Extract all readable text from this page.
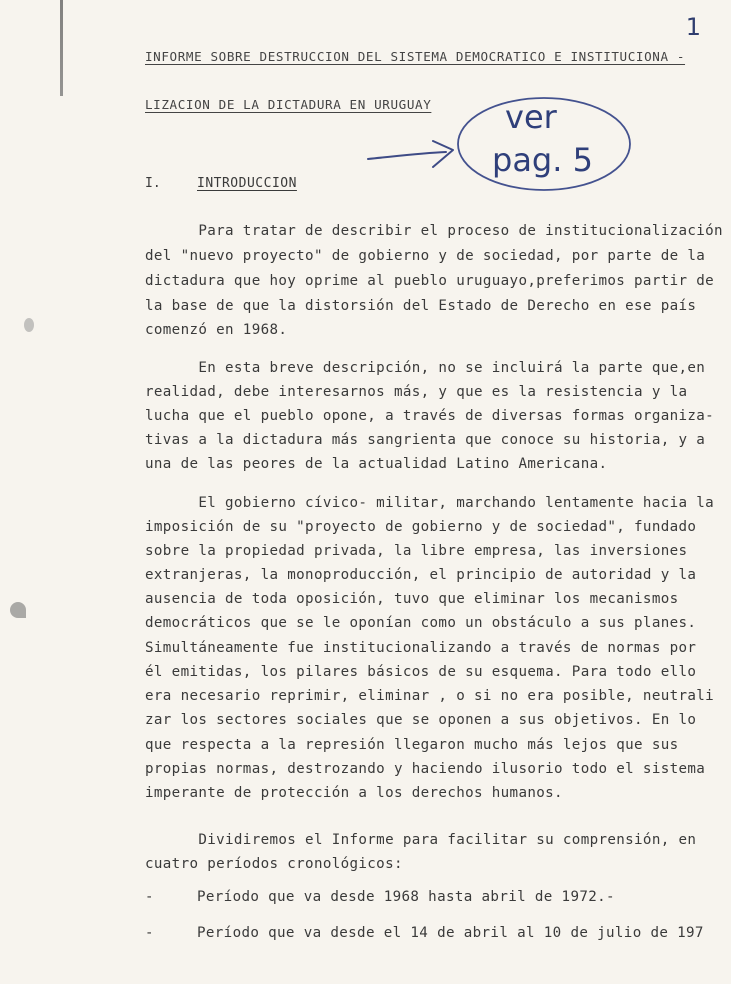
1
INFORME SOBRE DESTRUCCION DEL SISTEMA DEMOCRATICO E INSTITUCIONA -
LIZACION DE LA DICTADURA EN URUGUAY ver
pag. 5
I.	INTRODUCCION
Para tratar de describir el proceso de institucionalización
del "nuevo proyecto" de gobierno y de sociedad, por parte de la
dictadura que hoy oprime al pueblo uruguayo,preferimos partir de
la base de que la distorsión del Estado de Derecho en ese país
comenzó en 1968.
En esta breve descripción, no se incluirá la parte que,en
realidad, debe interesarnos más, y que es la resistencia y la
lucha que el pueblo opone, a través de diversas formas organiza-
tivas a la dictadura más sangrienta que conoce su historia, y a
una de las peores de la actualidad Latino Americana.
El gobierno cívico- militar, marchando lentamente hacia la
imposición de su "proyecto de gobierno y de sociedad", fundado
sobre la propiedad privada, la libre empresa, las inversiones
extranjeras, la monoproducción, el principio de autoridad y la
ausencia de toda oposición, tuvo que eliminar los mecanismos
democráticos que se le oponían como un obstáculo a sus planes.
Simultáneamente fue institucionalizando a través de normas por
él emitidas, los pilares básicos de su esquema. Para todo ello
era necesario reprimir, eliminar , o si no era posible, neutrali
zar los sectores sociales que se oponen a sus objetivos. En lo
que respecta a la represión llegaron mucho más lejos que sus
propias normas, destrozando y haciendo ilusorio todo el sistema
imperante de protección a los derechos humanos.
Dividiremos el Informe para facilitar su comprensión, en
cuatro períodos cronológicos:
-	Período que va desde 1968 hasta abril de 1972.-
-	Período que va desde el 14 de abril al 10 de julio de 197
